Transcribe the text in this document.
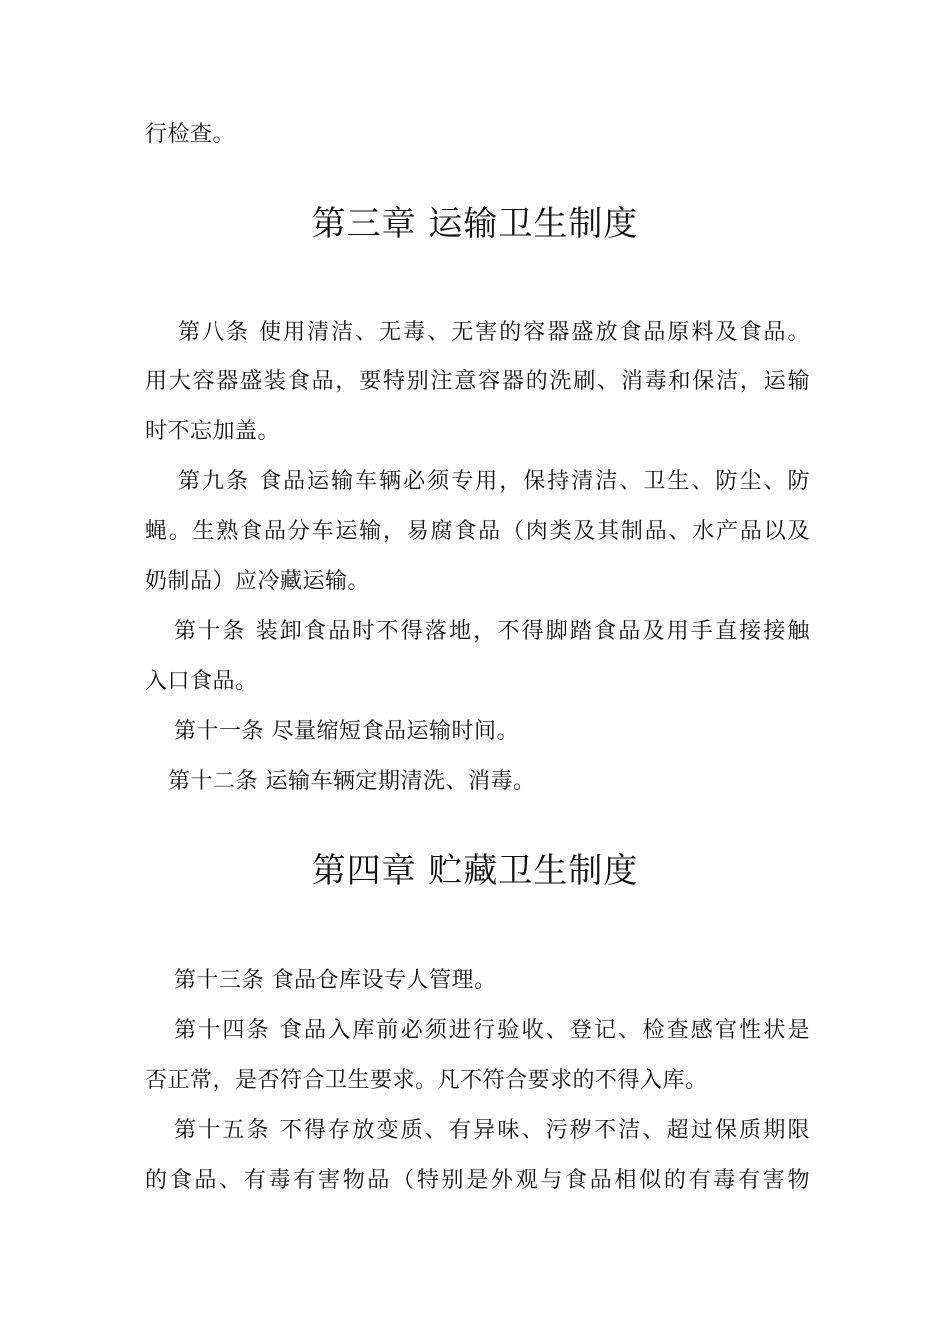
行检查。
第三章 运输卫生制度
第八条 使用清洁、无毒、无害的容器盛放食品原料及食品。
用大容器盛装食品，要特别注意容器的洗刷、消毒和保洁，运输
时不忘加盖。
第九条 食品运输车辆必须专用，保持清洁、卫生、防尘、防
蝇。生熟食品分车运输，易腐食品（肉类及其制品、水产品以及
奶制品）应冷藏运输。
第十条 装卸食品时不得落地，不得脚踏食品及用手直接接触
入口食品。
第十一条 尽量缩短食品运输时间。
第十二条 运输车辆定期清洗、消毒。
第四章 贮藏卫生制度
第十三条 食品仓库设专人管理。
第十四条 食品入库前必须进行验收、登记、检查感官性状是
否正常，是否符合卫生要求。凡不符合要求的不得入库。
第十五条 不得存放变质、有异味、污秽不洁、超过保质期限
的食品、有毒有害物品（特别是外观与食品相似的有毒有害物
